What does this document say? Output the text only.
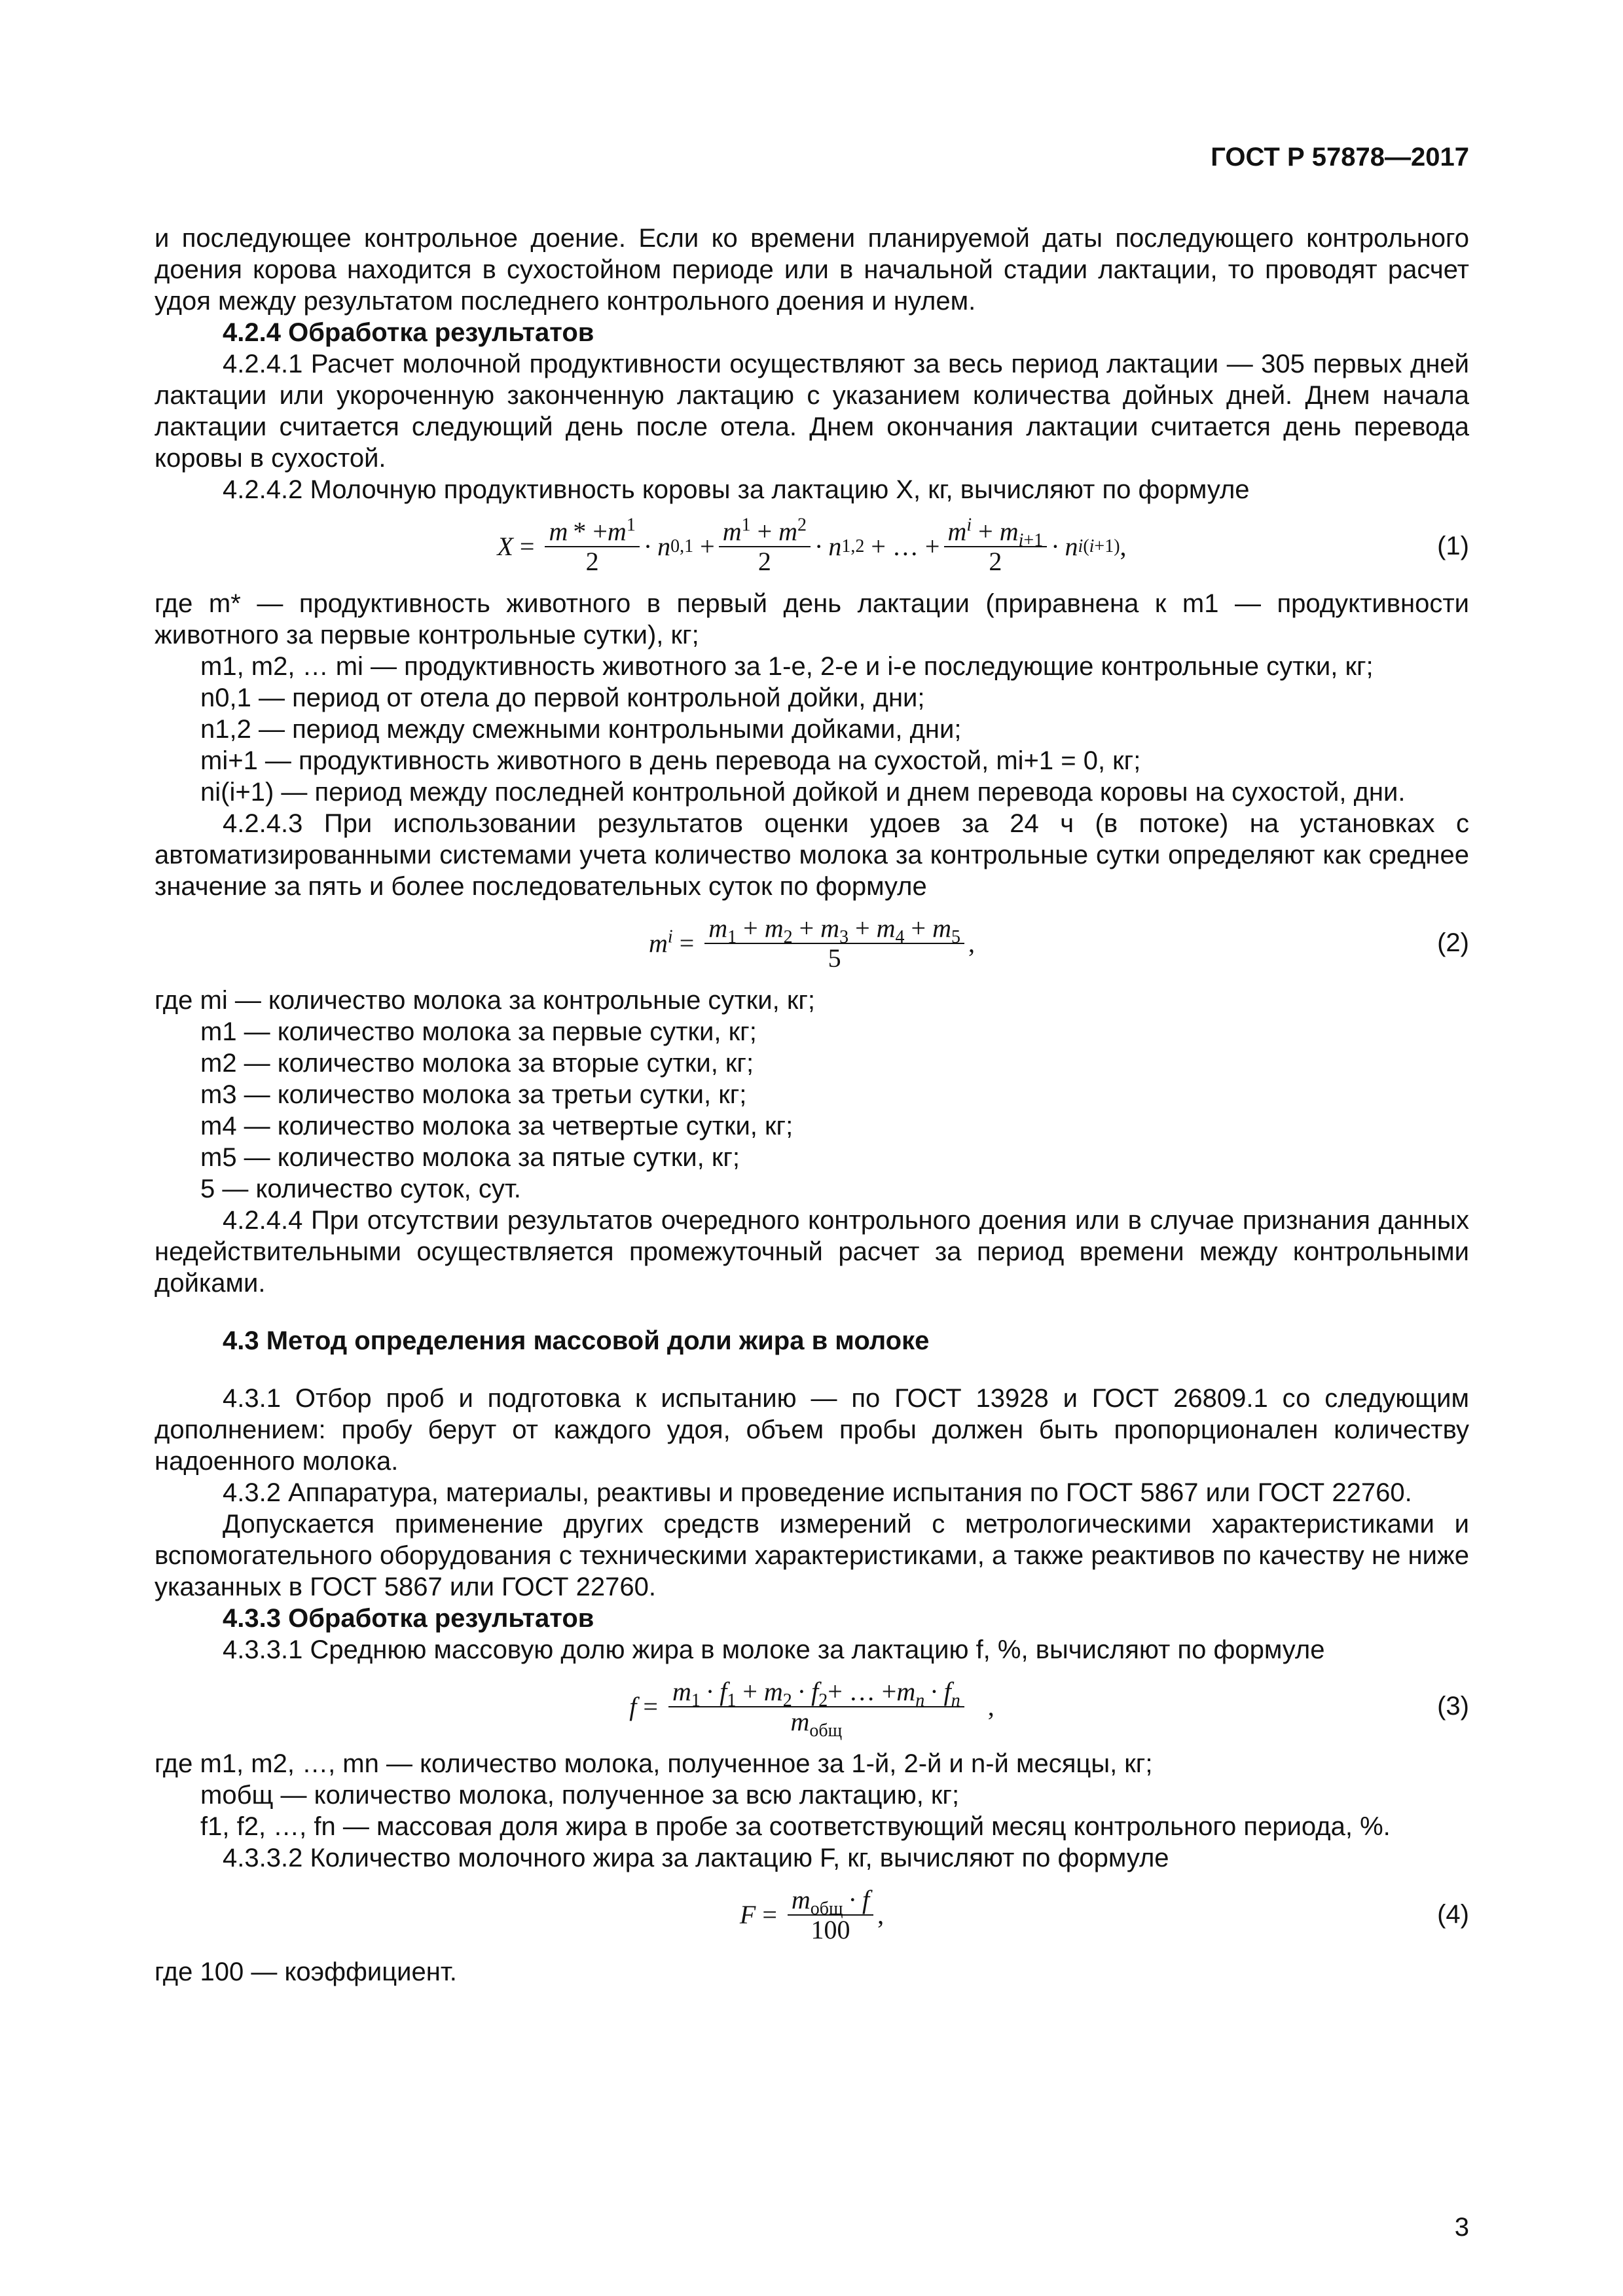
ГОСТ Р 57878—2017

и последующее контрольное доение. Если ко времени планируемой даты последующего контрольного доения корова находится в сухостойном периоде или в начальной стадии лактации, то проводят расчет удоя между результатом последнего контрольного доения и нулем.

4.2.4 Обработка результатов

4.2.4.1 Расчет молочной продуктивности осуществляют за весь период лактации — 305 первых дней лактации или укороченную законченную лактацию с указанием количества дойных дней. Днем начала лактации считается следующий день после отела. Днем окончания лактации считается день перевода коровы в сухостой.

4.2.4.2 Молочную продуктивность коровы за лактацию X, кг, вычисляют по формуле

$X = \frac{m * +m^1}{2} \cdot n$ $0,1 + \frac{m^1 + m^2}{2} \cdot n$ 1,2 + … + $\frac{m^i + m_{i+1}}{2} \cdot n$ i(i+1) ,	(1)

где m* — продуктивность животного в первый день лактации (приравнена к m1 — продуктивности животного за первые контрольные сутки), кг;

m1, m2, … mi — продуктивность животного за 1-е, 2-е и i-е последующие контрольные сутки, кг;

n0,1 — период от отела до первой контрольной дойки, дни;

n1,2 — период между смежными контрольными дойками, дни;

mi+1 — продуктивность животного в день перевода на сухостой, mi+1 = 0, кг;

ni(i+1) — период между последней контрольной дойкой и днем перевода коровы на сухостой, дни.

4.2.4.3 При использовании результатов оценки удоев за 24 ч (в потоке) на установках с автоматизированными системами учета количество молока за контрольные сутки определяют как среднее значение за пять и более последовательных суток по формуле

$m^i = \frac{m_1 + m_2 + m_3 + m_4 + m_5}{5}$ ,	(2)

где mi — количество молока за контрольные сутки, кг;

m1 — количество молока за первые сутки, кг;

m2 — количество молока за вторые сутки, кг;

m3 — количество молока за третьи сутки, кг;

m4 — количество молока за четвертые сутки, кг;

m5 — количество молока за пятые сутки, кг;

5 — количество суток, сут.

4.2.4.4 При отсутствии результатов очередного контрольного доения или в случае признания данных недействительными осуществляется промежуточный расчет за период времени между контрольными дойками.

4.3 Метод определения массовой доли жира в молоке

4.3.1 Отбор проб и подготовка к испытанию — по ГОСТ 13928 и ГОСТ 26809.1 со следующим дополнением: пробу берут от каждого удоя, объем пробы должен быть пропорционален количеству надоенного молока.

4.3.2 Аппаратура, материалы, реактивы и проведение испытания по ГОСТ 5867 или ГОСТ 22760.

Допускается применение других средств измерений с метрологическими характеристиками и вспомогательного оборудования с техническими характеристиками, а также реактивов по качеству не ниже указанных в ГОСТ 5867 или ГОСТ 22760.

4.3.3 Обработка результатов

4.3.3.1 Среднюю массовую долю жира в молоке за лактацию f, %, вычисляют по формуле

$f = \frac{m_1 \cdot f_1 + m_2 \cdot f_2+ \dots +m_n \cdot f_n}{m_{общ}}$ ,	(3)

где m1, m2, …, mn — количество молока, полученное за 1-й, 2-й и n-й месяцы, кг;

mобщ — количество молока, полученное за всю лактацию, кг;

f1, f2, …, fn — массовая доля жира в пробе за соответствующий месяц контрольного периода, %.

4.3.3.2 Количество молочного жира за лактацию F, кг, вычисляют по формуле

$F = \frac{m_{общ} \cdot f}{100}$ ,	(4)

где 100 — коэффициент.

3
